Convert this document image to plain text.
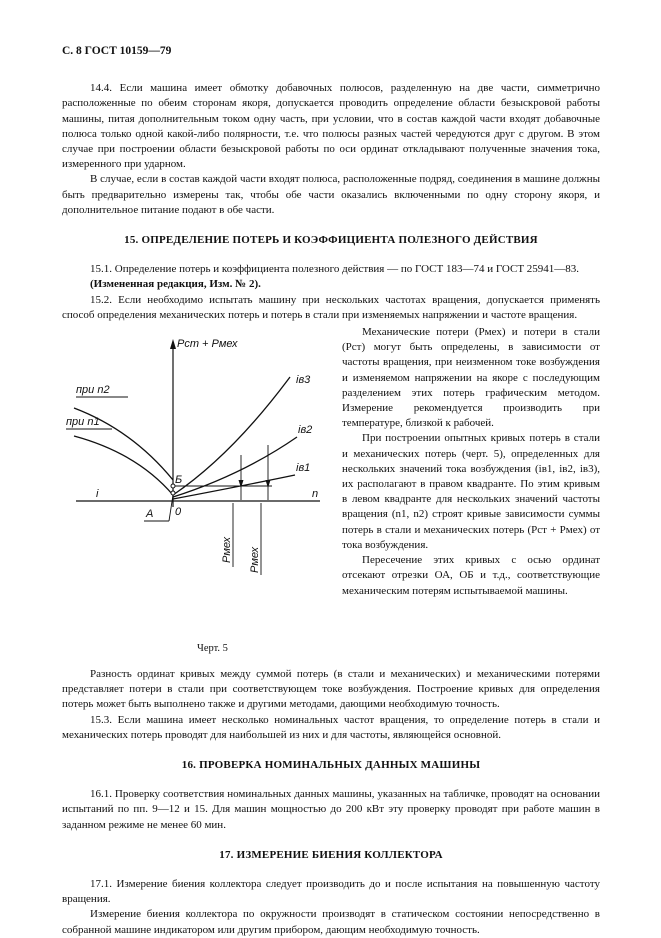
С. 8 ГОСТ 10159—79

14.4. Если машина имеет обмотку добавочных полюсов, разделенную на две части, симметрично расположенные по обеим сторонам якоря, допускается проводить определение области безыскровой работы машины, питая дополнительным током одну часть, при условии, что в состав каждой части входят добавочные полюса только одной какой-либо полярности, т.е. что полюсы разных частей чередуются друг с другом. В этом случае при построении области безыскровой работы по оси ординат откладывают полученные значения тока, измеренного при ударном.

В случае, если в состав каждой части входят полюса, расположенные подряд, соединения в машине должны быть предварительно измерены так, чтобы обе части оказались включенными по одну сторону якоря, и дополнительное питание подают в обе части.

15. ОПРЕДЕЛЕНИЕ ПОТЕРЬ И КОЭФФИЦИЕНТА ПОЛЕЗНОГО ДЕЙСТВИЯ

15.1. Определение потерь и коэффициента полезного действия — по ГОСТ 183—74 и ГОСТ 25941—83.

(Измененная редакция, Изм. № 2).

15.2. Если необходимо испытать машину при нескольких частотах вращения, допускается применять способ определения механических потерь и потерь в стали при изменяемых напряжении и частоте вращения.

Pст + Pмех
при n2
при n1
iв3
iв2
iв1
i	n
Б
А 0
Pмех Pмех
Черт. 5

Механические потери (Pмех) и потери в стали (Pст) могут быть определены, в зависимости от частоты вращения, при неизменном токе возбуждения и изменяемом напряжении на якоре с последующим разделением этих потерь графическим методом. Измерение рекомендуется производить при температуре, близкой к рабочей.

При построении опытных кривых потерь в стали и механических потерь (черт. 5), определенных для нескольких значений тока возбуждения (iв1, iв2, iв3), их располагают в правом квадранте. По этим кривым в левом квадранте для нескольких значений частоты вращения (n1, n2) строят кривые зависимости суммы потерь в стали и механических потерь (Pст + Pмех) от тока возбуждения.

Пересечение этих кривых с осью ординат отсекают отрезки ОА, ОБ и т.д., соответствующие механическим потерям испытываемой машины.

Разность ординат кривых между суммой потерь (в стали и механических) и механическими потерями представляет потери в стали при соответствующем токе возбуждения. Построение кривых для определения потерь может быть выполнено также и другими методами, дающими необходимую точность.

15.3. Если машина имеет несколько номинальных частот вращения, то определение потерь в стали и механических потерь проводят для наибольшей из них и для частоты, являющейся основной.

16. ПРОВЕРКА НОМИНАЛЬНЫХ ДАННЫХ МАШИНЫ

16.1. Проверку соответствия номинальных данных машины, указанных на табличке, проводят на основании испытаний по пп. 9—12 и 15. Для машин мощностью до 200 кВт эту проверку проводят при работе машин в заданном режиме не менее 60 мин.

17. ИЗМЕРЕНИЕ БИЕНИЯ КОЛЛЕКТОРА

17.1. Измерение биения коллектора следует производить до и после испытания на повышенную частоту вращения.

Измерение биения коллектора по окружности производят в статическом состоянии непосредственно в собранной машине индикатором или другим прибором, дающим необходимую точность.
